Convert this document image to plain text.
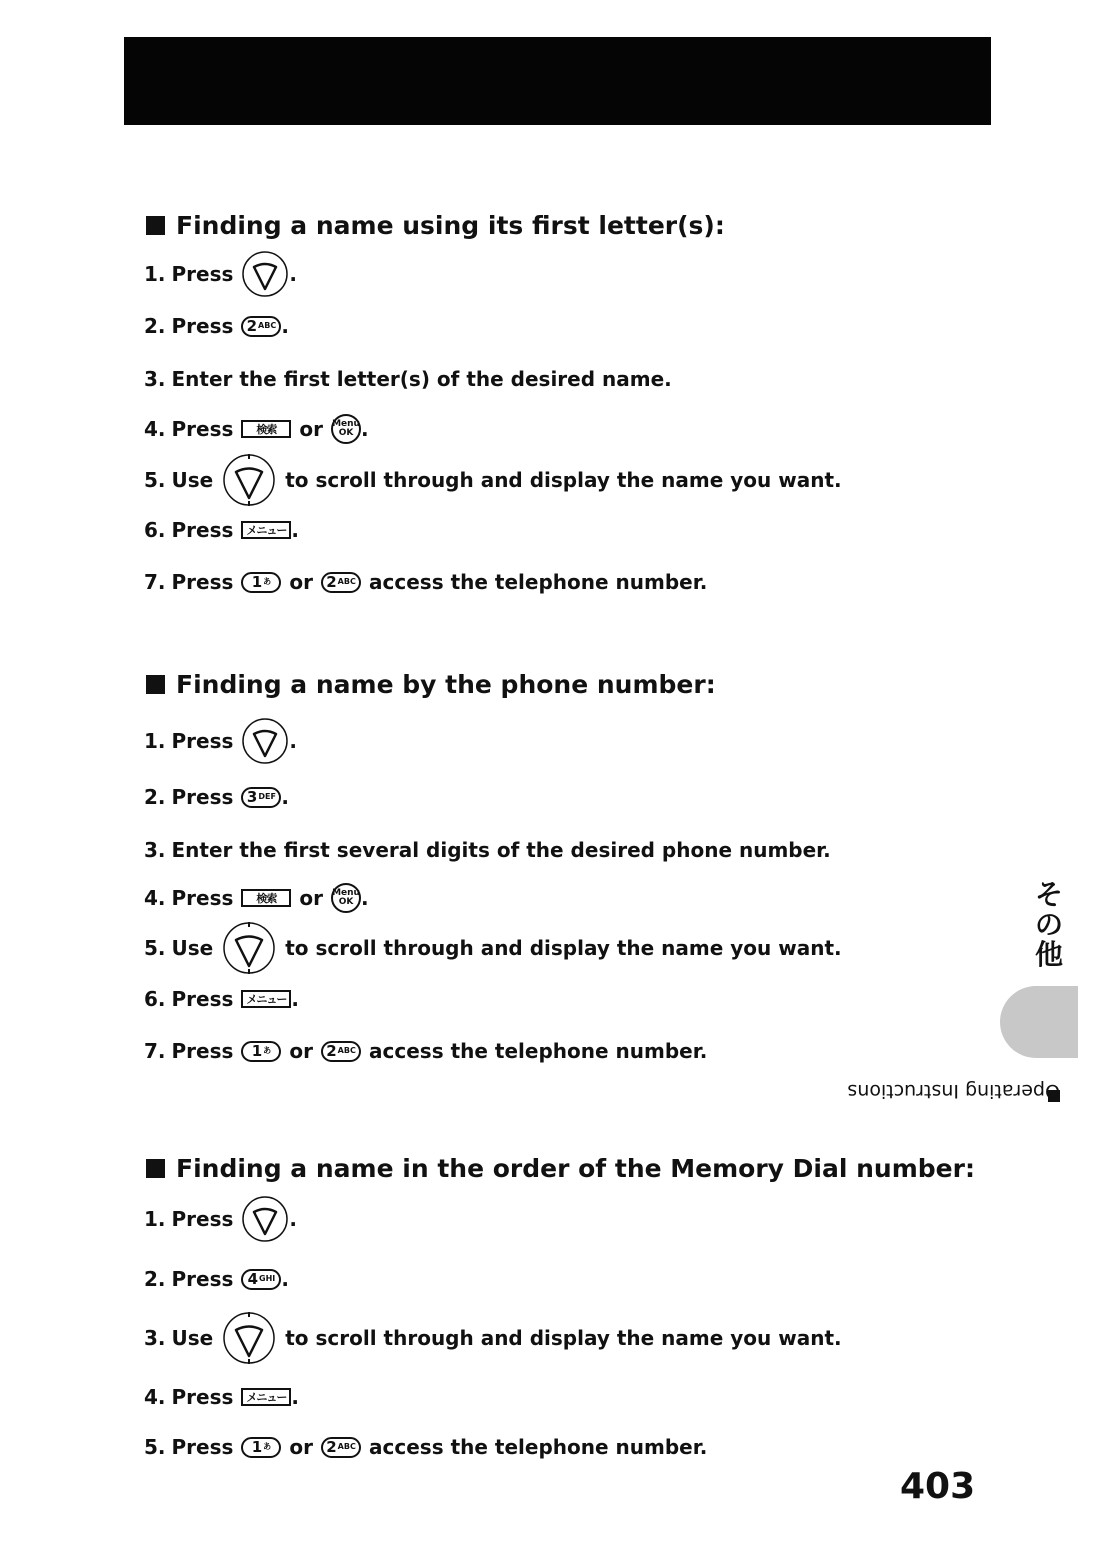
Finding a name using its first letter(s):
1. Press	.
2. Press 2 ABC .
3. Enter the first letter(s) of the desired name.
4. Press	検索	or Menu
OK .
5. Use	to scroll through and display the name you want.
6. Press	メニュー .
7. Press 1 あ or 2 ABC access the telephone number.
Finding a name by the phone number:
1. Press	.
2. Press 3 DEF .
3. Enter the first several digits of the desired phone number.
4. Press	検索	or Menu
OK .
5. Use	to scroll through and display the name you want.
6. Press	メニュー .
7. Press 1 あ or 2 ABC access the telephone number.
Finding a name in the order of the Memory Dial number:
1. Press	.
2. Press 4 GHI .
3. Use	to scroll through and display the name you want.
4. Press	メニュー .
5. Press 1 あ or 2 ABC access the telephone number.
その他
Operating Instructions
403
